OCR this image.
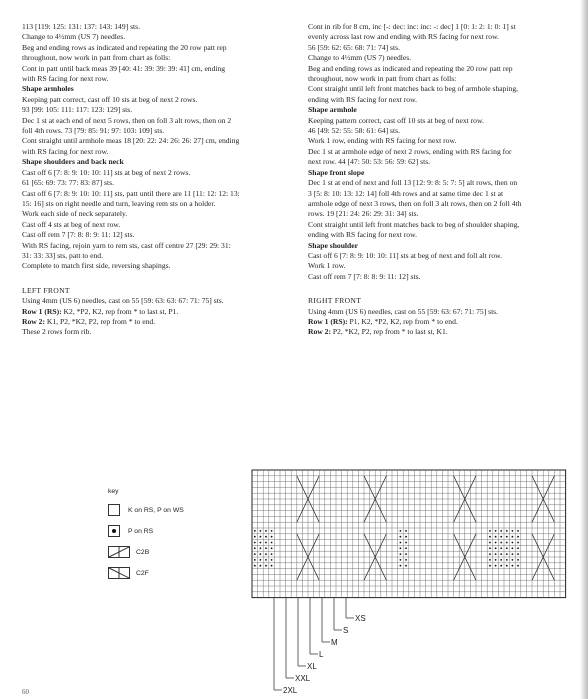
113 [119: 125: 131: 137: 143: 149] sts.
Change to 4½mm (US 7) needles.
Beg and ending rows as indicated and repeating the 20 row patt rep
throughout, now work in patt from chart as folls:
Cont in patt until back meas 39 [40: 41: 39: 39: 39: 41] cm, ending
with RS facing for next row.
Shape armholes
Keeping patt correct, cast off 10 sts at beg of next 2 rows.
93 [99: 105: 111: 117: 123: 129] sts.
Dec 1 st at each end of next 5 rows, then on foll 3 alt rows, then on 2
foll 4th rows. 73 [79: 85: 91: 97: 103: 109] sts.
Cont straight until armhole meas 18 [20: 22: 24: 26: 26: 27] cm, ending
with RS facing for next row.
Shape shoulders and back neck
Cast off 6 [7: 8: 9: 10: 10: 11] sts at beg of next 2 rows.
61 [65: 69: 73: 77: 83: 87] sts.
Cast off 6 [7: 8: 9: 10: 10: 11] sts, patt until there are 11 [11: 12: 12: 13:
15: 16] sts on right needle and turn, leaving rem sts on a holder.
Work each side of neck separately.
Cast off 4 sts at beg of next row.
Cast off rem 7 [7: 8: 8: 9: 11: 12] sts.
With RS facing, rejoin yarn to rem sts, cast off centre 27 [29: 29: 31:
31: 33: 33] sts, patt to end.
Complete to match first side, reversing shapings.
LEFT FRONT
Using 4mm (US 6) needles, cast on 55 [59: 63: 63: 67: 71: 75] sts.
Row 1 (RS): K2, *P2, K2, rep from * to last st, P1.
Row 2: K1, P2, *K2, P2, rep from * to end.
These 2 rows form rib.
Cont in rib for 8 cm, inc [-: dec: inc: inc: -: dec] 1 [0: 1: 2: 1: 0: 1] st
evenly across last row and ending with RS facing for next row.
56 [59: 62: 65: 68: 71: 74] sts.
Change to 4½mm (US 7) needles.
Beg and ending rows as indicated and repeating the 20 row patt rep
throughout, now work in patt from chart as folls:
Cont straight until left front matches back to beg of armhole shaping,
ending with RS facing for next row.
Shape armhole
Keeping pattern correct, cast off 10 sts at beg of next row.
46 [49: 52: 55: 58: 61: 64] sts.
Work 1 row, ending with RS facing for next row.
Dec 1 st at armhole edge of next 2 rows, ending with RS facing for
next row. 44 [47: 50: 53: 56: 59: 62] sts.
Shape front slope
Dec 1 st at end of next and foll 13 [12: 9: 8: 5: 7: 5] alt rows, then on
3 [5: 8: 10: 13: 12: 14] foll 4th rows and at same time dec 1 st at
armhole edge of next 3 rows, then on foll 3 alt rows, then on 2 foll 4th
rows. 19 [21: 24: 26: 29: 31: 34] sts.
Cont straight until left front matches back to beg of shoulder shaping,
ending with RS facing for next row.
Shape shoulder
Cast off 6 [7: 8: 9: 10: 10: 11] sts at beg of next and foll alt row.
Work 1 row.
Cast off rem 7 [7: 8: 8: 9: 11: 12] sts.
RIGHT FRONT
Using 4mm (US 6) needles, cast on 55 [59: 63: 67: 71: 75] sts.
Row 1 (RS): P1, K2, *P2, K2, rep from * to end.
Row 2: P2, *K2, P2, rep from * to last st, K1.
key
K on RS, P on WS
P on RS
C2B
C2F
XS
S
M
L
XL
XXL
2XL
60
